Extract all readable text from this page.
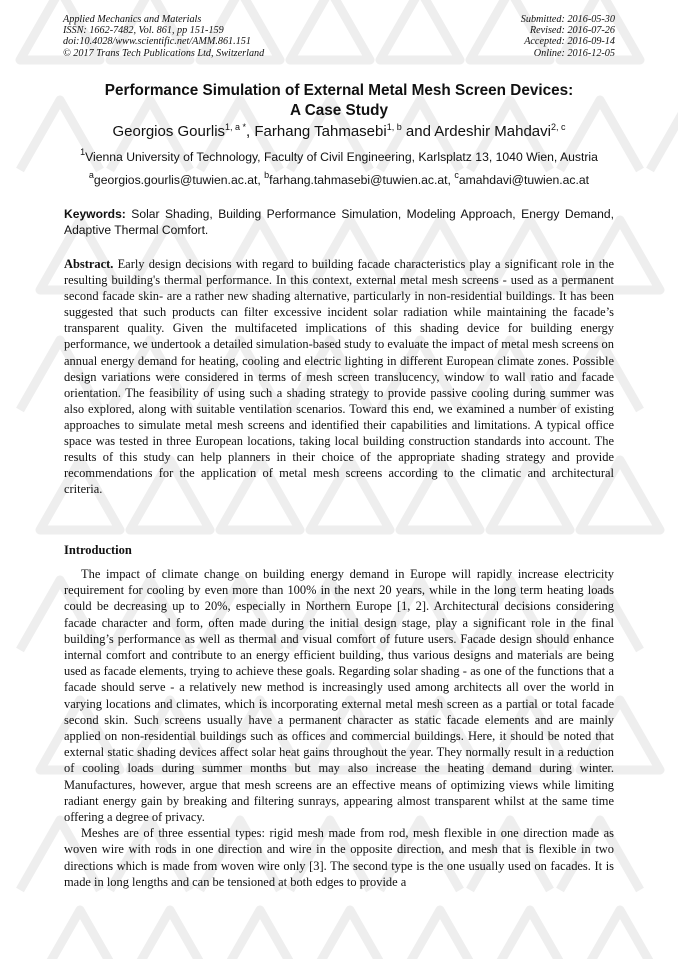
Applied Mechanics and Materials
ISSN: 1662-7482, Vol. 861, pp 151-159
doi:10.4028/www.scientific.net/AMM.861.151
© 2017 Trans Tech Publications Ltd, Switzerland
Submitted: 2016-05-30
Revised: 2016-07-26
Accepted: 2016-09-14
Online: 2016-12-05
Performance Simulation of External Metal Mesh Screen Devices:
A Case Study
Georgios Gourlis$^{1, a *}$, Farhang Tahmasebi$^{1, b}$ and Ardeshir Mahdavi$^{2, c}$
$^1$Vienna University of Technology, Faculty of Civil Engineering, Karlsplatz 13, 1040 Wien, Austria
$^a$georgios.gourlis@tuwien.ac.at, $^b$farhang.tahmasebi@tuwien.ac.at, $^c$amahdavi@tuwien.ac.at
Keywords: Solar Shading, Building Performance Simulation, Modeling Approach, Energy Demand, Adaptive Thermal Comfort.
Abstract. Early design decisions with regard to building facade characteristics play a significant role in the resulting building's thermal performance. In this context, external metal mesh screens - used as a permanent second facade skin- are a rather new shading alternative, particularly in non-residential buildings. It has been suggested that such products can filter excessive incident solar radiation while maintaining the facade’s transparent quality. Given the multifaceted implications of this shading device for building energy performance, we undertook a detailed simulation-based study to evaluate the impact of metal mesh screens on annual energy demand for heating, cooling and electric lighting in different European climate zones. Possible design variations were considered in terms of mesh screen translucency, window to wall ratio and facade orientation. The feasibility of using such a shading strategy to provide passive cooling during summer was also explored, along with suitable ventilation scenarios. Toward this end, we examined a number of existing approaches to simulate metal mesh screens and identified their capabilities and limitations. A typical office space was tested in three European locations, taking local building construction standards into account. The results of this study can help planners in their choice of the appropriate shading strategy and provide recommendations for the application of metal mesh screens according to the climatic and architectural criteria.
Introduction

The impact of climate change on building energy demand in Europe will rapidly increase electricity requirement for cooling by even more than 100% in the next 20 years, while in the long term heating loads could be decreasing up to 20%, especially in Northern Europe [1, 2]. Architectural decisions considering facade character and form, often made during the initial design stage, play a significant role in the final building’s performance as well as thermal and visual comfort of future users. Facade design should enhance internal comfort and contribute to an energy efficient building, thus various designs and materials are being used as facade elements, trying to achieve these goals. Regarding solar shading - as one of the functions that a facade should serve - a relatively new method is increasingly used among architects all over the world in varying locations and climates, which is incorporating external metal mesh screen as a partial or total facade second skin. Such screens usually have a permanent character as static facade elements and are mainly applied on non-residential buildings such as offices and commercial buildings. Here, it should be noted that external static shading devices affect solar heat gains throughout the year. They normally result in a reduction of cooling loads during summer months but may also increase the heating demand during winter. Manufactures, however, argue that mesh screens are an effective means of optimizing views while limiting radiant energy gain by breaking and filtering sunrays, appearing almost transparent whilst at the same time offering a degree of privacy.

Meshes are of three essential types: rigid mesh made from rod, mesh flexible in one direction made as woven wire with rods in one direction and wire in the opposite direction, and mesh that is flexible in two directions which is made from woven wire only [3]. The second type is the one usually used on facades. It is made in long lengths and can be tensioned at both edges to provide a
